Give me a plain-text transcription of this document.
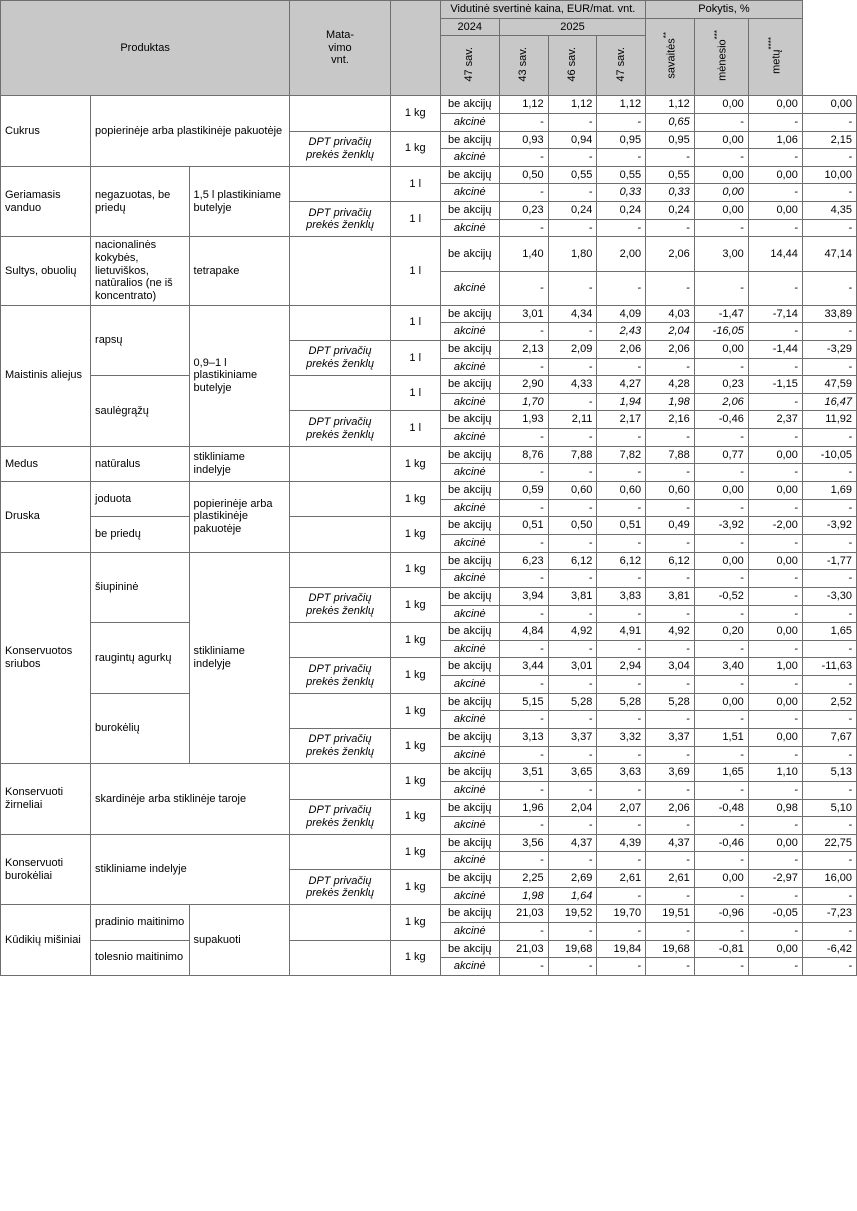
Produktas			Mata-
vimo
vnt.		Vidutinė svertinė kaina, EUR/mat. vnt.				Pokytis, %			
					2024	2025			savaitės**	mėnesio***	metų****
					47 sav.	43 sav.	46 sav.	47 sav.				
Cukrus	popierinėje arba plastikinėje pakuotėje			1 kg	be akcijų	1,12	1,12	1,12	1,12	0,00	0,00	0,00
					akcinė	-	-	-	0,65	-	-	-

			DPT privačių
prekės ženklų	1 kg	be akcijų	0,93	0,94	0,95	0,95	0,00	1,06	2,15
					akcinė	-	-	-	-	-	-	-
Geriamasis vanduo	negazuotas, be priedų	1,5 l plastikiniame butelyje		1 l	be akcijų	0,50	0,55	0,55	0,55	0,00	0,00	10,00
					akcinė	-	-	0,33	0,33	0,00	-	-

			DPT privačių
prekės ženklų	1 l	be akcijų	0,23	0,24	0,24	0,24	0,00	0,00	4,35
					akcinė	-	-	-	-	-	-	-
Sultys, obuolių	nacionalinės kokybės, lietuviškos, natūralios (ne iš koncentrato)	tetrapake		1 l	be akcijų	1,40	1,80	2,00	2,06	3,00	14,44	47,14
					akcinė	-	-	-	-	-	-	-
Maistinis aliejus	rapsų	0,9–1 l plastikiniame butelyje		1 l	be akcijų	3,01	4,34	4,09	4,03	-1,47	-7,14	33,89
					akcinė	-	-	2,43	2,04	-16,05	-	-

			DPT privačių
prekės ženklų	1 l	be akcijų	2,13	2,09	2,06	2,06	0,00	-1,44	-3,29
					akcinė	-	-	-	-	-	-	-
	saulėgrąžų			1 l	be akcijų	2,90	4,33	4,27	4,28	0,23	-1,15	47,59
					akcinė	1,70	-	1,94	1,98	2,06	-	16,47

			DPT privačių
prekės ženklų	1 l	be akcijų	1,93	2,11	2,17	2,16	-0,46	2,37	11,92
					akcinė	-	-	-	-	-	-	-
Medus	natūralus	stikliniame indelyje		1 kg	be akcijų	8,76	7,88	7,82	7,88	0,77	0,00	-10,05
					akcinė	-	-	-	-	-	-	-
Druska	joduota	popierinėje arba plastikinėje pakuotėje		1 kg	be akcijų	0,59	0,60	0,60	0,60	0,00	0,00	1,69
					akcinė	-	-	-	-	-	-	-
	be priedų			1 kg	be akcijų	0,51	0,50	0,51	0,49	-3,92	-2,00	-3,92
					akcinė	-	-	-	-	-	-	-
Konservuotos sriubos	šiupininė	stikliniame indelyje		1 kg	be akcijų	6,23	6,12	6,12	6,12	0,00	0,00	-1,77
					akcinė	-	-	-	-	-	-	-

			DPT privačių
prekės ženklų	1 kg	be akcijų	3,94	3,81	3,83	3,81	-0,52	-	-3,30
					akcinė	-	-	-	-	-	-	-
	raugintų agurkų			1 kg	be akcijų	4,84	4,92	4,91	4,92	0,20	0,00	1,65
					akcinė	-	-	-	-	-	-	-

			DPT privačių
prekės ženklų	1 kg	be akcijų	3,44	3,01	2,94	3,04	3,40	1,00	-11,63
					akcinė	-	-	-	-	-	-	-
	burokėlių			1 kg	be akcijų	5,15	5,28	5,28	5,28	0,00	0,00	2,52
					akcinė	-	-	-	-	-	-	-

			DPT privačių
prekės ženklų	1 kg	be akcijų	3,13	3,37	3,32	3,37	1,51	0,00	7,67
					akcinė	-	-	-	-	-	-	-
Konservuoti žirneliai	skardinėje arba stiklinėje taroje			1 kg	be akcijų	3,51	3,65	3,63	3,69	1,65	1,10	5,13
					akcinė	-	-	-	-	-	-	-

			DPT privačių
prekės ženklų	1 kg	be akcijų	1,96	2,04	2,07	2,06	-0,48	0,98	5,10
					akcinė	-	-	-	-	-	-	-
Konservuoti burokėliai	stikliniame indelyje			1 kg	be akcijų	3,56	4,37	4,39	4,37	-0,46	0,00	22,75
					akcinė	-	-	-	-	-	-	-

			DPT privačių
prekės ženklų	1 kg	be akcijų	2,25	2,69	2,61	2,61	0,00	-2,97	16,00
					akcinė	1,98	1,64	-	-	-	-	-
Kūdikių mišiniai	pradinio maitinimo	supakuoti		1 kg	be akcijų	21,03	19,52	19,70	19,51	-0,96	-0,05	-7,23
					akcinė	-	-	-	-	-	-	-
	tolesnio maitinimo			1 kg	be akcijų	21,03	19,68	19,84	19,68	-0,81	0,00	-6,42
					akcinė	-	-	-	-	-	-	-
